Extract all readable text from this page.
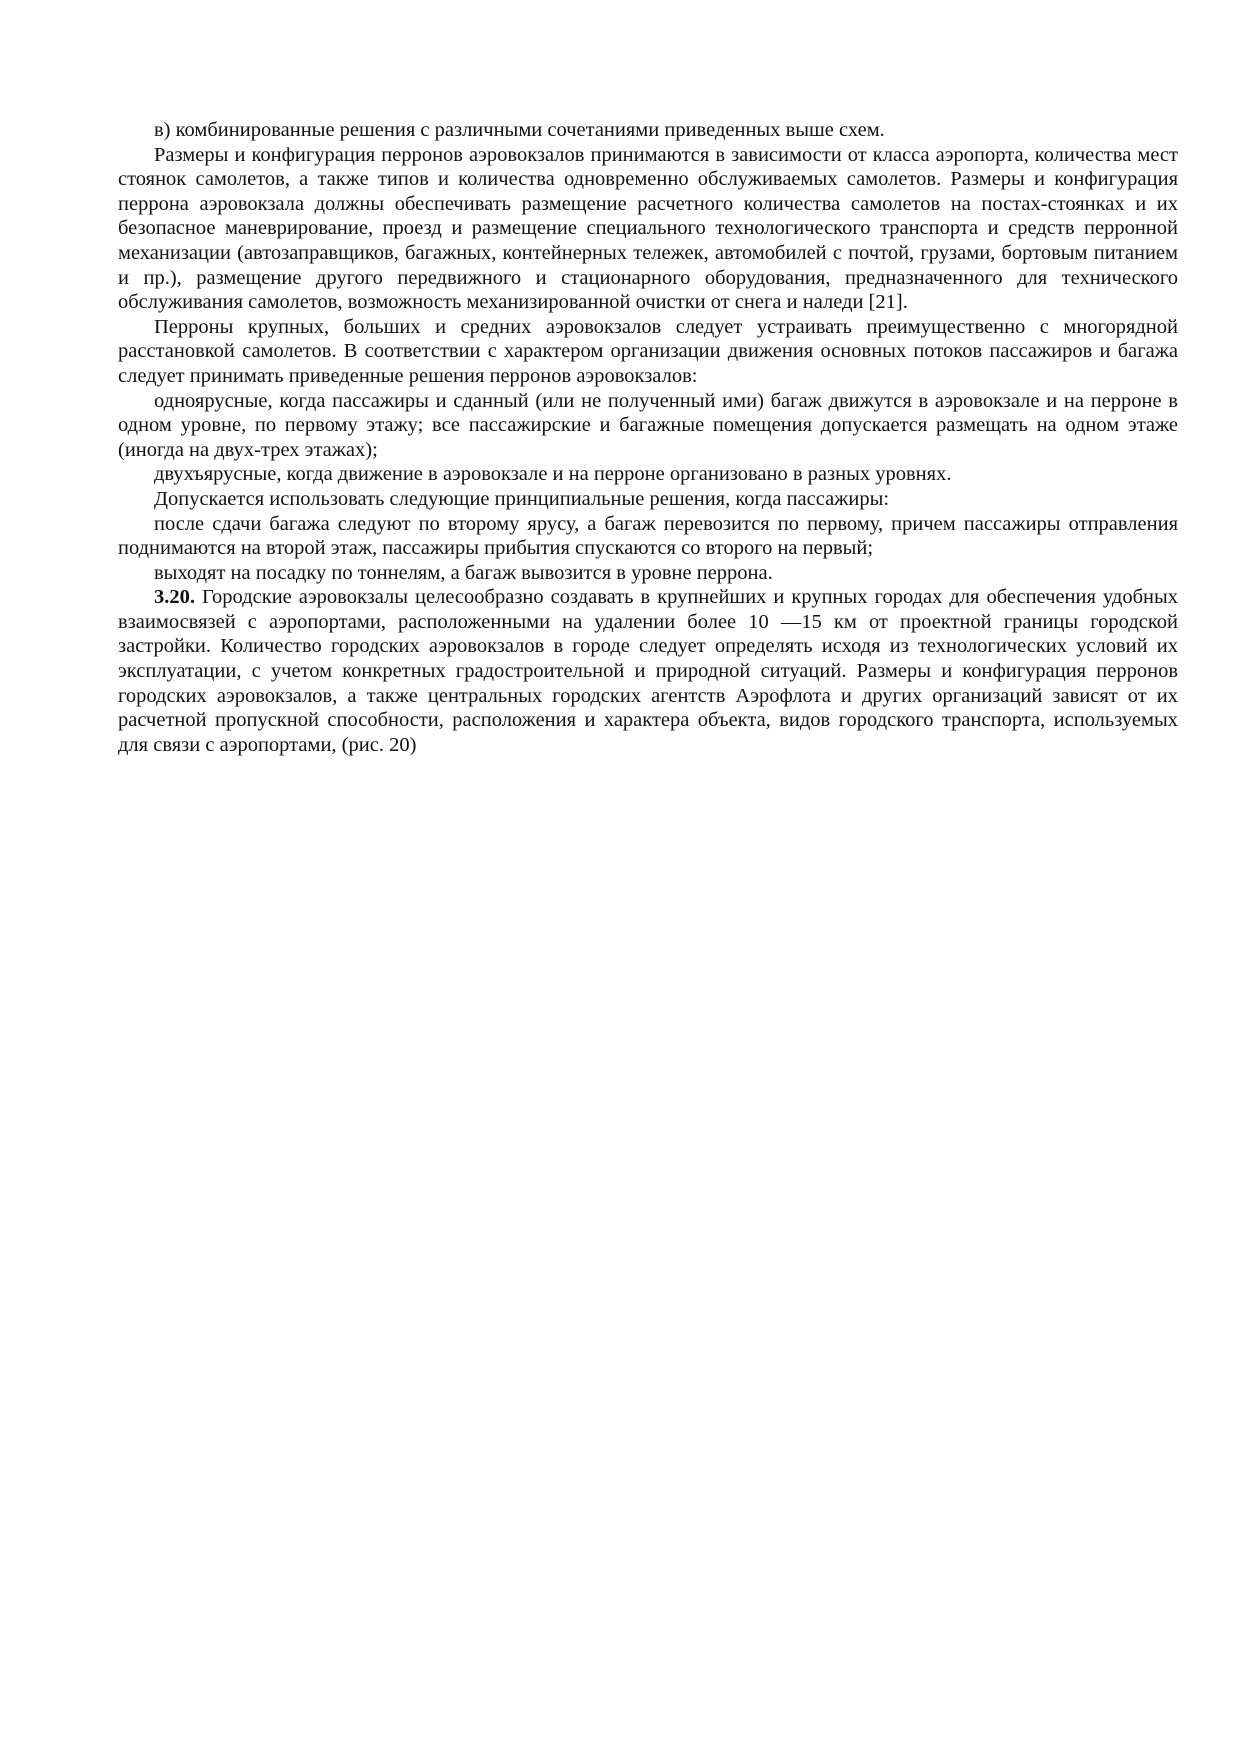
в) комбинированные решения с различными сочетаниями приведенных выше схем.

Размеры и конфигурация перронов аэровокзалов принимаются в зависимости от класса аэропорта, количества мест стоянок самолетов, а также типов и количества одновременно обслуживаемых самолетов. Размеры и конфигурация перрона аэровокзала должны обеспечивать размещение расчетного количества самолетов на постах-стоянках и их безопасное маневрирование, проезд и размещение специального технологического транспорта и средств перронной механизации (автозаправщиков, багажных, контейнерных тележек, автомобилей с почтой, грузами, бортовым питанием и пр.), размещение другого передвижного и стационарного оборудования, предназначенного для технического обслуживания самолетов, возможность механизированной очистки от снега и наледи [21].

Перроны крупных, больших и средних аэровокзалов следует устраивать преимущественно с многорядной расстановкой самолетов. В соответствии с характером организации движения основных потоков пассажиров и багажа следует принимать приведенные решения перронов аэровокзалов:

одноярусные, когда пассажиры и сданный (или не полученный ими) багаж движутся в аэровокзале и на перроне в одном уровне, по первому этажу; все пассажирские и багажные помещения допускается размещать на одном этаже (иногда на двух-трех этажах);

двухъярусные, когда движение в аэровокзале и на перроне организовано в разных уровнях.

Допускается использовать следующие принципиальные решения, когда пассажиры:

после сдачи багажа следуют по второму ярусу, а багаж перевозится по первому, причем пассажиры отправления поднимаются на второй этаж, пассажиры прибытия спускаются со второго на первый;

выходят на посадку по тоннелям, а багаж вывозится в уровне перрона.

3.20. Городские аэровокзалы целесообразно создавать в крупнейших и крупных городах для обеспечения удобных взаимосвязей с аэропортами, расположенными на удалении более 10 —15 км от проектной границы городской застройки. Количество городских аэровокзалов в городе следует определять исходя из технологических условий их эксплуатации, с учетом конкретных градостроительной и природной ситуаций. Размеры и конфигурация перронов городских аэровокзалов, а также центральных городских агентств Аэрофлота и других организаций зависят от их расчетной пропускной способности, расположения и характера объекта, видов городского транспорта, используемых для связи с аэропортами, (рис. 20)
